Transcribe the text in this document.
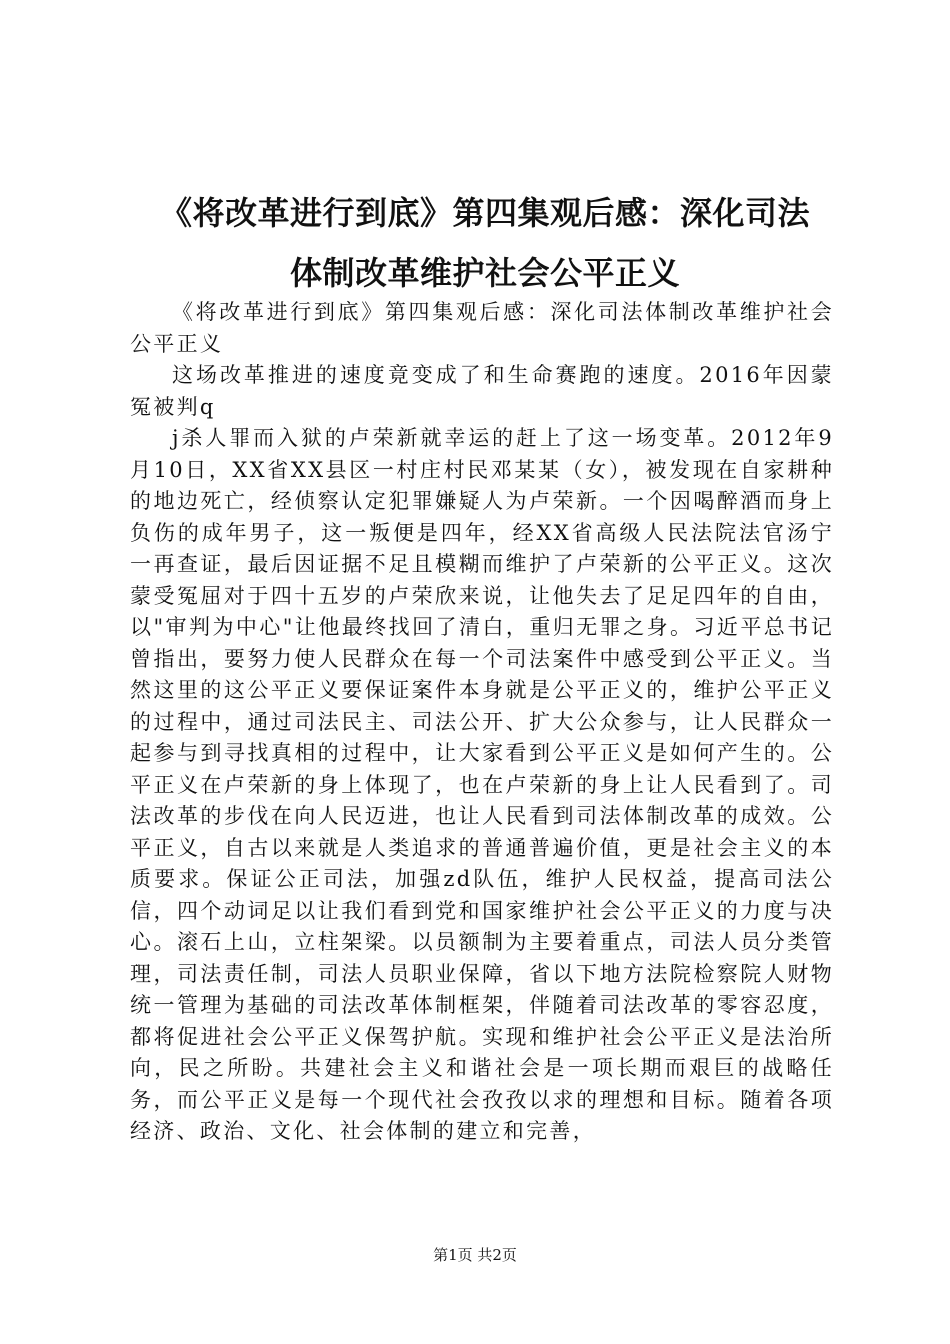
《将改革进行到底》第四集观后感：深化司法
体制改革维护社会公平正义

《将改革进行到底》第四集观后感：深化司法体制改革维护社会公平正义

这场改革推进的速度竟变成了和生命赛跑的速度。2016年因蒙冤被判q

j杀人罪而入狱的卢荣新就幸运的赶上了这一场变革。2012年9月10日，XX省XX县区一村庄村民邓某某（女），被发现在自家耕种的地边死亡，经侦察认定犯罪嫌疑人为卢荣新。一个因喝醉酒而身上负伤的成年男子，这一叛便是四年，经XX省高级人民法院法官汤宁一再查证，最后因证据不足且模糊而维护了卢荣新的公平正义。这次蒙受冤屈对于四十五岁的卢荣欣来说，让他失去了足足四年的自由，以"审判为中心"让他最终找回了清白，重归无罪之身。习近平总书记曾指出，要努力使人民群众在每一个司法案件中感受到公平正义。当然这里的这公平正义要保证案件本身就是公平正义的，维护公平正义的过程中，通过司法民主、司法公开、扩大公众参与，让人民群众一起参与到寻找真相的过程中，让大家看到公平正义是如何产生的。公平正义在卢荣新的身上体现了，也在卢荣新的身上让人民看到了。司法改革的步伐在向人民迈进，也让人民看到司法体制改革的成效。公平正义，自古以来就是人类追求的普通普遍价值，更是社会主义的本质要求。保证公正司法，加强zd队伍，维护人民权益，提高司法公信，四个动词足以让我们看到党和国家维护社会公平正义的力度与决心。滚石上山，立柱架梁。以员额制为主要着重点，司法人员分类管理，司法责任制，司法人员职业保障，省以下地方法院检察院人财物统一管理为基础的司法改革体制框架，伴随着司法改革的零容忍度，都将促进社会公平正义保驾护航。实现和维护社会公平正义是法治所向，民之所盼。共建社会主义和谐社会是一项长期而艰巨的战略任务，而公平正义是每一个现代社会孜孜以求的理想和目标。随着各项经济、政治、文化、社会体制的建立和完善，

第1页 共2页
